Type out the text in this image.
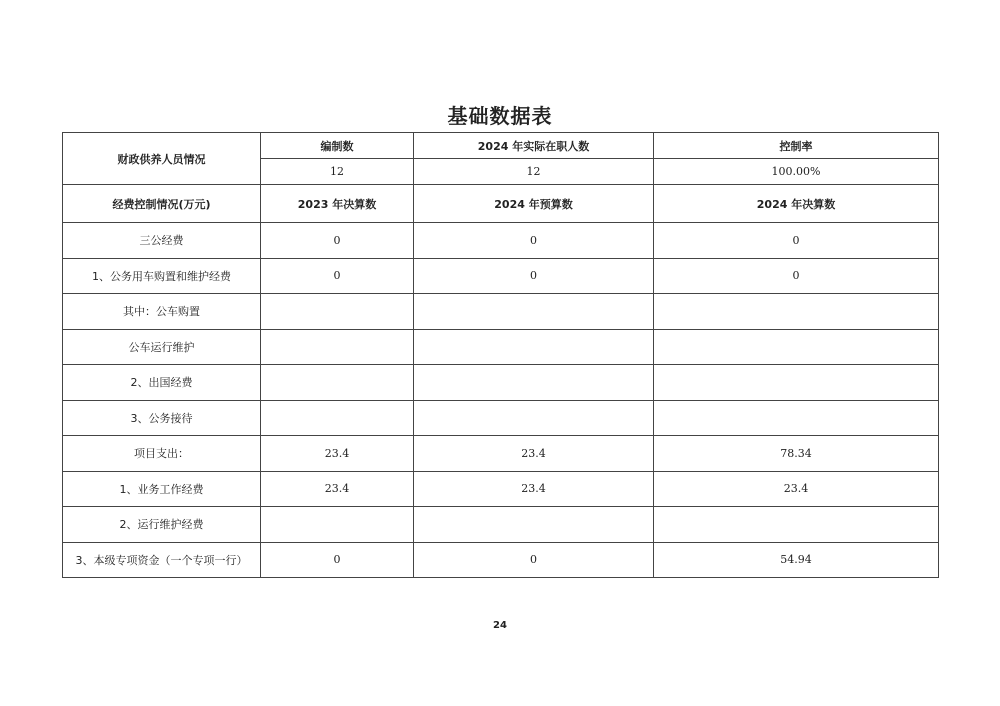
基础数据表
财政供养人员情况	编制数	2024 年实际在职人数	控制率
	12	12	100.00%
经费控制情况(万元)	2023 年决算数	2024 年预算数	2024 年决算数
三公经费	0	0	0
1、公务用车购置和维护经费	0	0	0
其中：公车购置			
公车运行维护			
2、出国经费			
3、公务接待			
项目支出：	23.4	23.4	78.34
1、业务工作经费	23.4	23.4	23.4
2、运行维护经费			
3、本级专项资金（一个专项一行）	0	0	54.94
24
